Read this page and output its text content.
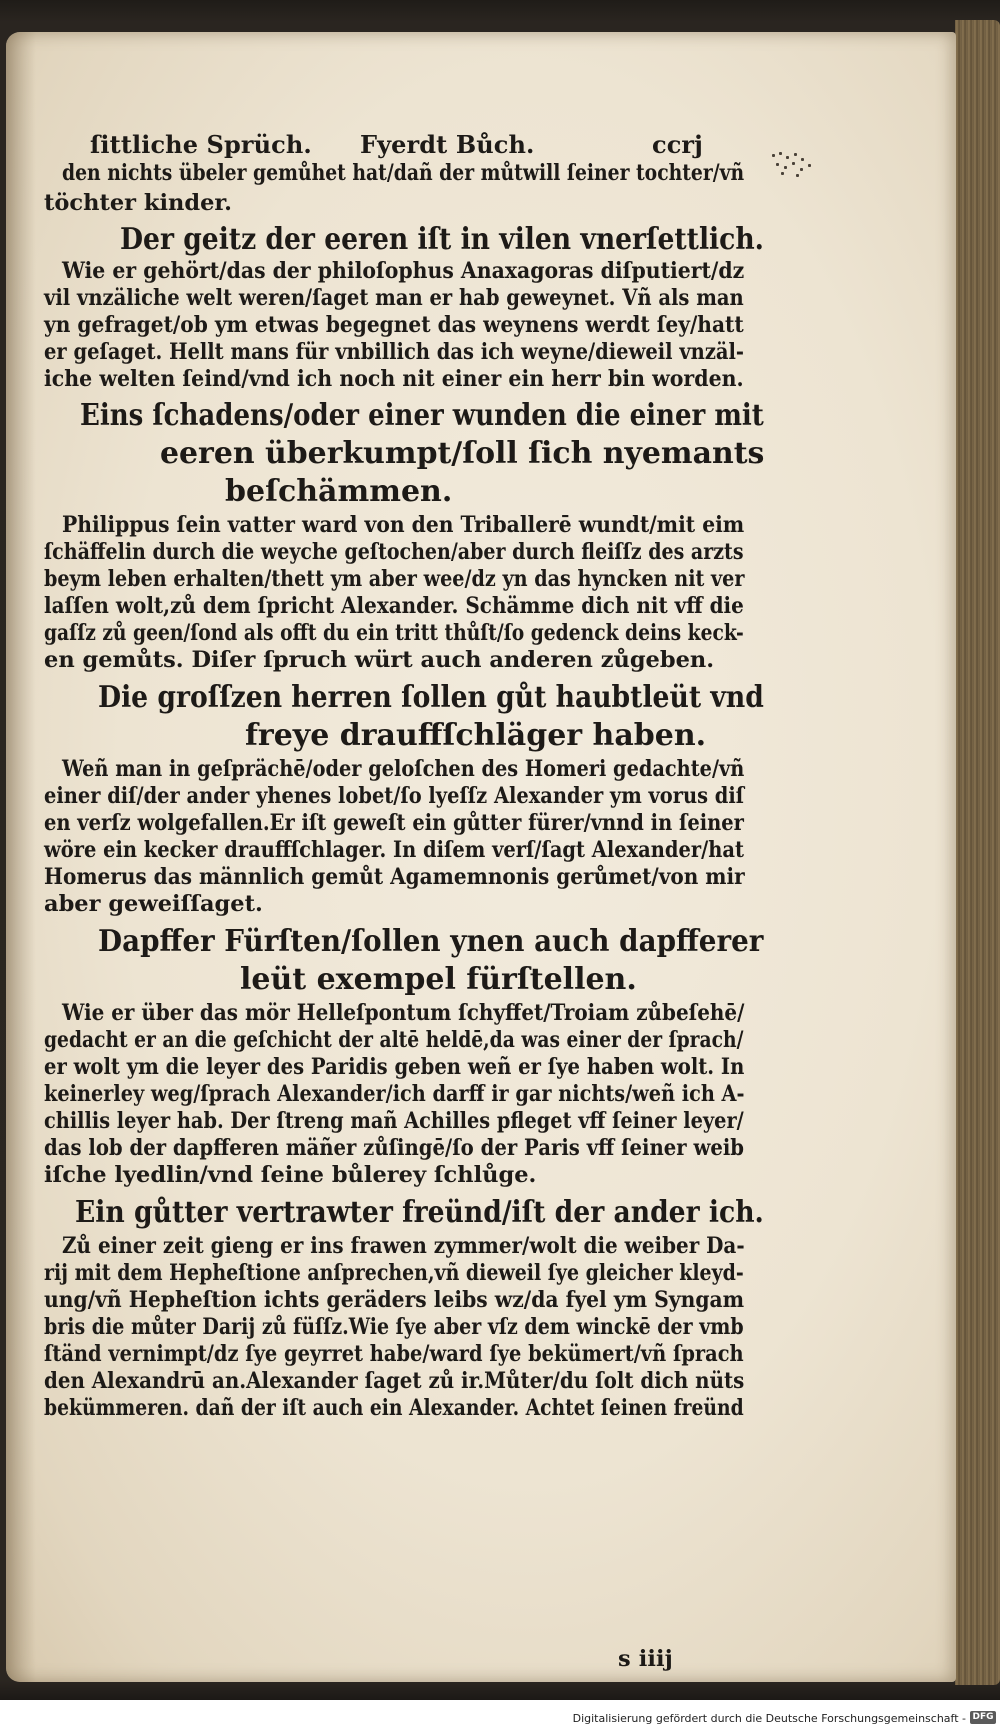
ſittliche Sprüch. Fyerdt Bůch.	ccrj
den nichts übeler gemůhet hat/dañ der můtwill ſeiner tochter/vñ
töchter kinder.
Der geitz der eeren iſt in vilen vnerſettlich.
Wie er gehört/das der philoſophus Anaxagoras diſputiert/dz
vil vnzäliche welt weren/ſaget man er hab geweynet. Vñ als man
yn gefraget/ob ym etwas begegnet das weynens werdt ſey/hatt
er geſaget. Hellt mans für vnbillich das ich weyne/dieweil vnzäl-
iche welten ſeind/vnd ich noch nit einer ein herr bin worden.
Eins ſchadens/oder einer wunden die einer mit
eeren überkumpt/ſoll ſich nyemants
beſchämmen.
Philippus ſein vatter ward von den Triballerē wundt/mit eim
ſchäffelin durch die weyche geſtochen/aber durch fleiſſz des arzts
beym leben erhalten/thett ym aber wee/dz yn das hyncken nit ver
laſſen wolt,zů dem ſpricht Alexander. Schämme dich nit vff die
gaſſz zů geen/ſond als offt du ein tritt thůſt/ſo gedenck deins keck-
en gemůts. Diſer ſpruch würt auch anderen zůgeben.
Die groſſzen herren ſollen gůt haubtleüt vnd
freye drauffſchläger haben.
Weñ man in geſprächē/oder geloſchen des Homeri gedachte/vñ
einer diſ/der ander yhenes lobet/ſo lyeſſz Alexander ym vorus diſ
en verſz wolgefallen.Er iſt geweſt ein gůtter fürer/vnnd in ſeiner
wöre ein kecker drauffſchlager. In diſem verſ/ſagt Alexander/hat
Homerus das männlich gemůt Agamemnonis gerůmet/von mir
aber geweiſſaget.
Dapffer Fürſten/ſollen ynen auch dapfferer
leüt exempel fürſtellen.
Wie er über das mör Helleſpontum ſchyffet/Troiam zůbeſehē/
gedacht er an die geſchicht der altē heldē,da was einer der ſprach/
er wolt ym die leyer des Paridis geben weñ er ſye haben wolt. In
keinerley weg/ſprach Alexander/ich darff ir gar nichts/weñ ich A-
chillis leyer hab. Der ſtreng mañ Achilles pfleget vff ſeiner leyer/
das lob der dapfferen mäñer zůſingē/ſo der Paris vff ſeiner weib
iſche lyedlin/vnd ſeine bůlerey ſchlůge.
Ein gůtter vertrawter freünd/iſt der ander ich.
Zů einer zeit gieng er ins frawen zymmer/wolt die weiber Da-
rij mit dem Hepheſtione anſprechen,vñ dieweil ſye gleicher kleyd-
ung/vñ Hepheſtion ichts geräders leibs wz/da fyel ym Syngam
bris die můter Darij zů füſſz.Wie ſye aber vſz dem winckē der vmb
ſtänd vernimpt/dz ſye geyrret habe/ward ſye bekümert/vñ ſprach
den Alexandrū an.Alexander ſaget zů ir.Můter/du ſolt dich nüts
bekümmeren. dañ der iſt auch ein Alexander. Achtet ſeinen freünd
s iiij
Digitalisierung gefördert durch die Deutsche Forschungsgemeinschaft - DFG
